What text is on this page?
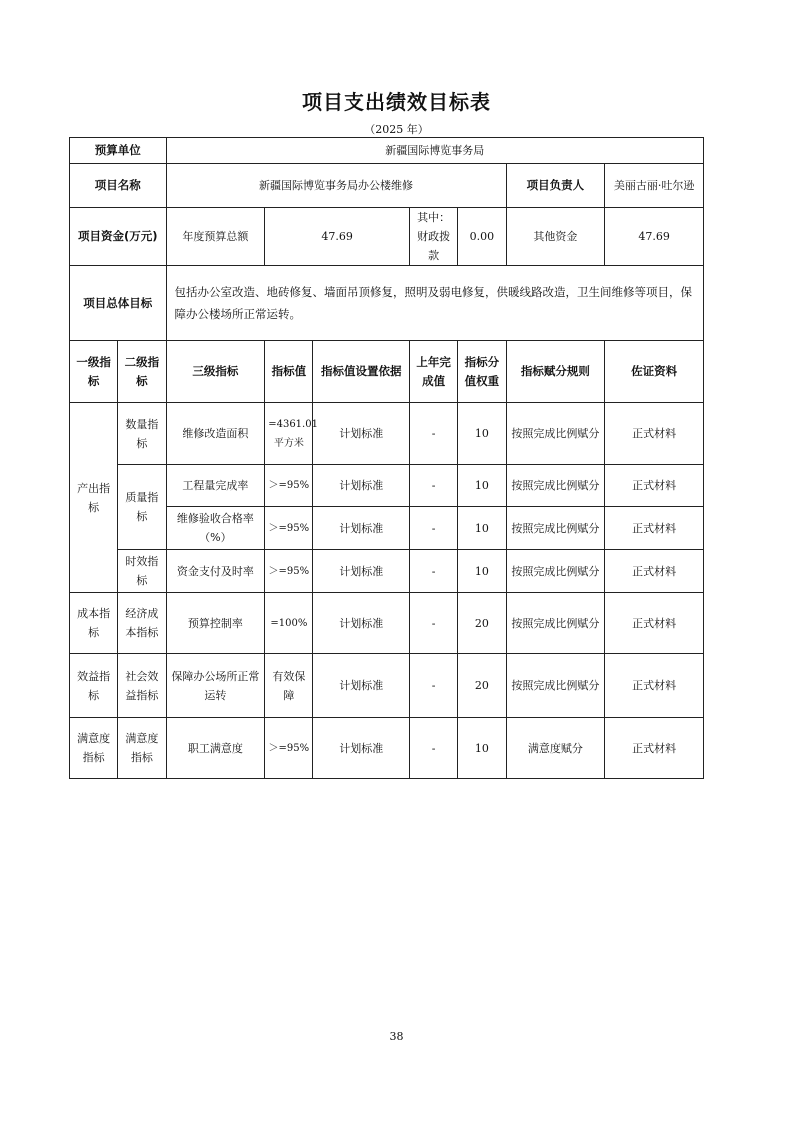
项目支出绩效目标表
（2025 年）
预算单位		新疆国际博览事务局						
项目名称		新疆国际博览事务局办公楼维修					项目负责人	美丽古丽·吐尔逊
项目资金(万元)		年度预算总额	47.69		其中：财政拨款	0.00	其他资金	47.69
项目总体目标		包括办公室改造、地砖修复、墙面吊顶修复，照明及弱电修复，供暖线路改造，卫生间维修等项目，保障办公楼场所正常运转。						
一级指标	二级指标	三级指标	指标值	指标值设置依据	上年完成值	指标分值权重	指标赋分规则	佐证资料
产出指标	数量指标	维修改造面积	=4361.01平方米	计划标准	-	10	按照完成比例赋分	正式材料
	质量指标	工程量完成率	＞=95%	计划标准	-	10	按照完成比例赋分	正式材料
		维修验收合格率（%）	＞=95%	计划标准	-	10	按照完成比例赋分	正式材料
	时效指标	资金支付及时率	＞=95%	计划标准	-	10	按照完成比例赋分	正式材料
成本指标	经济成本指标	预算控制率	=100%	计划标准	-	20	按照完成比例赋分	正式材料
效益指标	社会效益指标	保障办公场所正常运转	有效保障	计划标准	-	20	按照完成比例赋分	正式材料
满意度指标	满意度指标	职工满意度	＞=95%	计划标准	-	10	满意度赋分	正式材料
38
